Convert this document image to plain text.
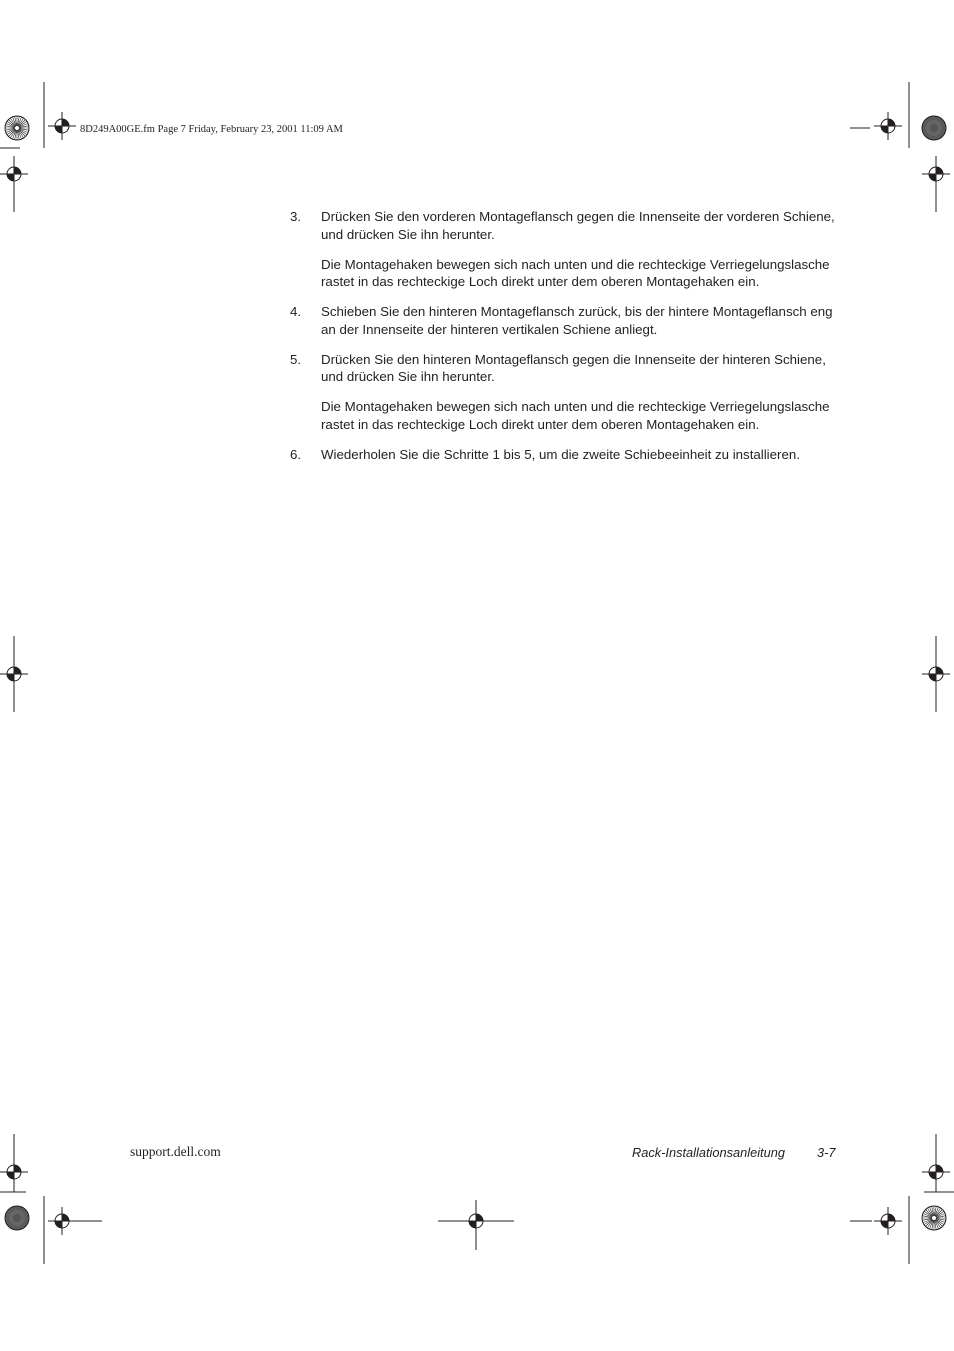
8D249A00GE.fm Page 7 Friday, February 23, 2001 11:09 AM
3. Drücken Sie den vorderen Montageflansch gegen die Innenseite der vorderen Schiene, und drücken Sie ihn herunter.
Die Montagehaken bewegen sich nach unten und die rechteckige Verriegelungslasche rastet in das rechteckige Loch direkt unter dem oberen Montagehaken ein.
4. Schieben Sie den hinteren Montageflansch zurück, bis der hintere Montageflansch eng an der Innenseite der hinteren vertikalen Schiene anliegt.
5. Drücken Sie den hinteren Montageflansch gegen die Innenseite der hinteren Schiene, und drücken Sie ihn herunter.
Die Montagehaken bewegen sich nach unten und die rechteckige Verriegelungslasche rastet in das rechteckige Loch direkt unter dem oberen Montagehaken ein.
6. Wiederholen Sie die Schritte 1 bis 5, um die zweite Schiebeeinheit zu installieren.
support.dell.com	Rack-Installationsanleitung	3-7
